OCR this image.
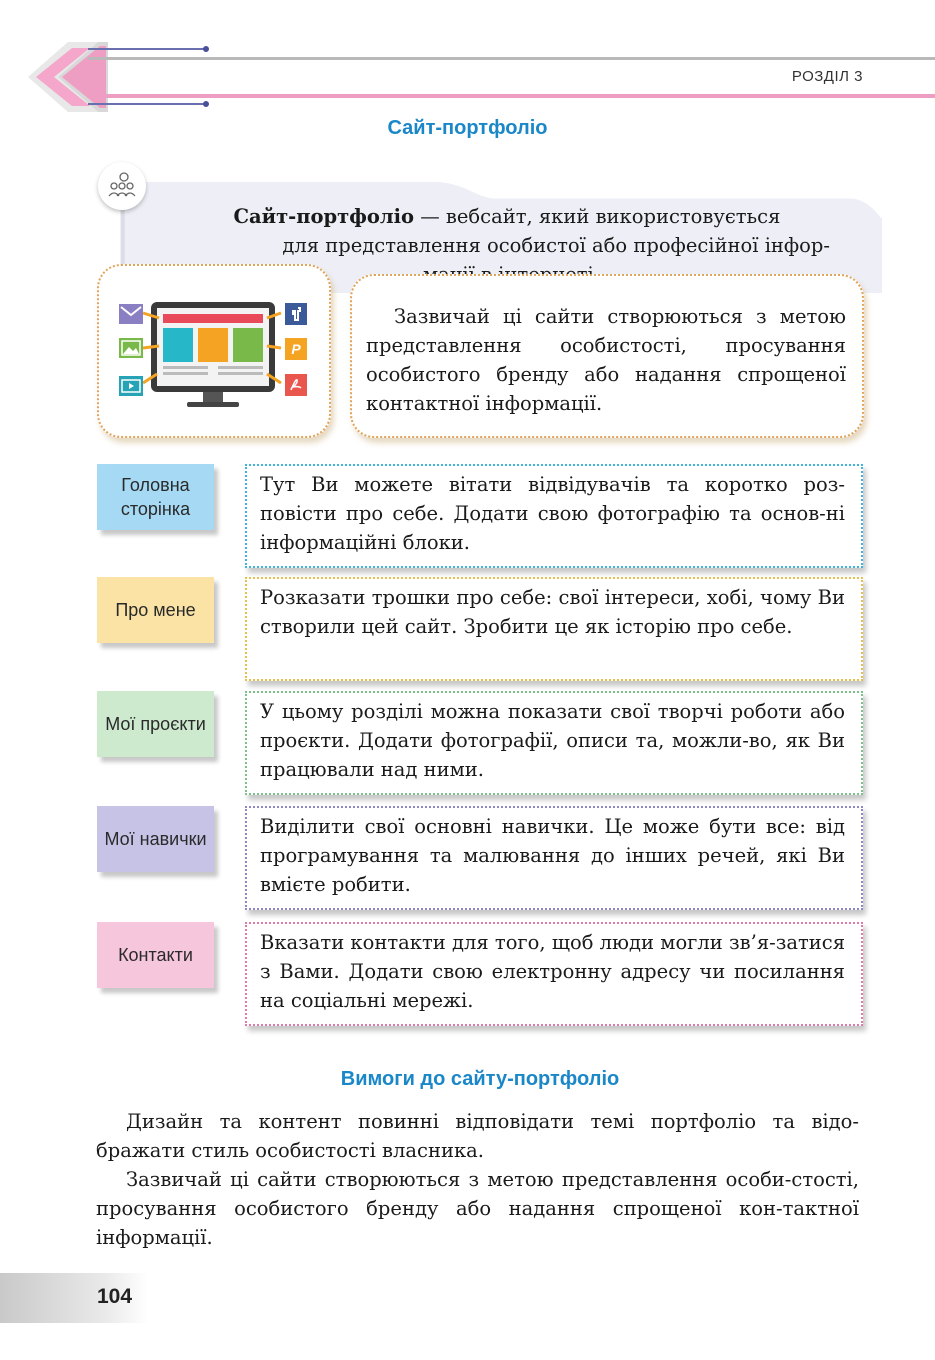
РОЗДІЛ 3
Сайт-портфоліо
Сайт-портфоліо — вебсайт, який використовується
для представлення особистої або професійної інфор-
P
Зазвичай ці сайти створюються з метою представлення особистості, просування особистого бренду або надання спрощеної контактної інформації.
Головна сторінка
Тут Ви можете вітати відвідувачів та коротко роз-повісти про себе. Додати свою фотографію та основ-ні інформаційні блоки.
Про мене
Розказати трошки про себе: свої інтереси, хобі, чому Ви створили цей сайт. Зробити це як історію про себе.
Мої проєкти
У цьому розділі можна показати свої творчі роботи або проєкти. Додати фотографії, описи та, можли-во, як Ви працювали над ними.
Мої навички
Виділити свої основні навички. Це може бути все: від програмування та малювання до інших речей, які Ви вмієте робити.
Контакти
Вказати контакти для того, щоб люди могли зв’я-затися з Вами. Додати свою електронну адресу чи посилання на соціальні мережі.
Вимоги до сайту-портфоліо
Дизайн та контент повинні відповідати темі портфоліо та відо-бражати стиль особистості власника.
Зазвичай ці сайти створюються з метою представлення особи-стості, просування особистого бренду або надання спрощеної кон-тактної інформації.
104
